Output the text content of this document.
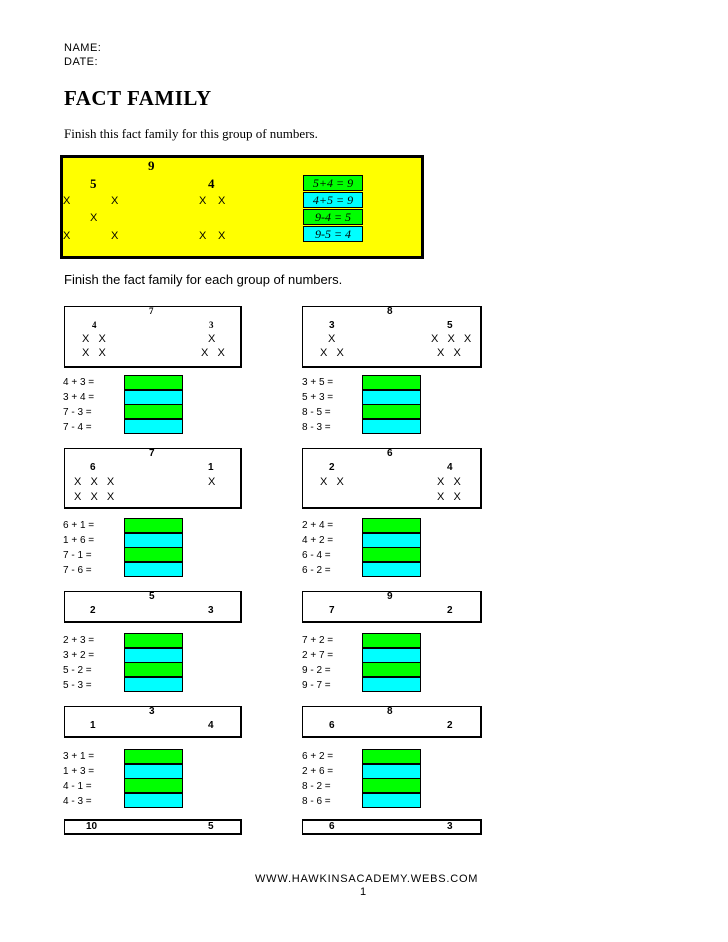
NAME:
DATE:
FACT FAMILY
Finish this fact family for this group of numbers.
9
5	4
X	X	X X
X
X	X	X X
5+4 = 9
4+5 = 9
9-4 = 5
9-5 = 4
Finish the fact family for each group of numbers.
7
4	3
X  X
X  X
X
X  X
4 + 3 =
3 + 4 =
7 - 3 =
7 - 4 =
8
3	5
X
X  X
X  X  X
X  X
3 + 5 =
5 + 3 =
8 - 5 =
8 - 3 =
7
6	1
X  X  X
X  X  X
X
6 + 1 =
1 + 6 =
7 - 1 =
7 - 6 =
6
2	4
X  X	X  X
X  X
2 + 4 =
4 + 2 =
6 - 4 =
6 - 2 =
5
2	3
2 + 3 =
3 + 2 =
5 - 2 =
5 - 3 =
9
7	2
7 + 2 =
2 + 7 =
9 - 2 =
9 - 7 =
3
1	4
3 + 1 =
1 + 3 =
4 - 1 =
4 - 3 =
8
6	2
6 + 2 =
2 + 6 =
8 - 2 =
8 - 6 =
10	5	6	3
WWW.HAWKINSACADEMY.WEBS.COM
1
